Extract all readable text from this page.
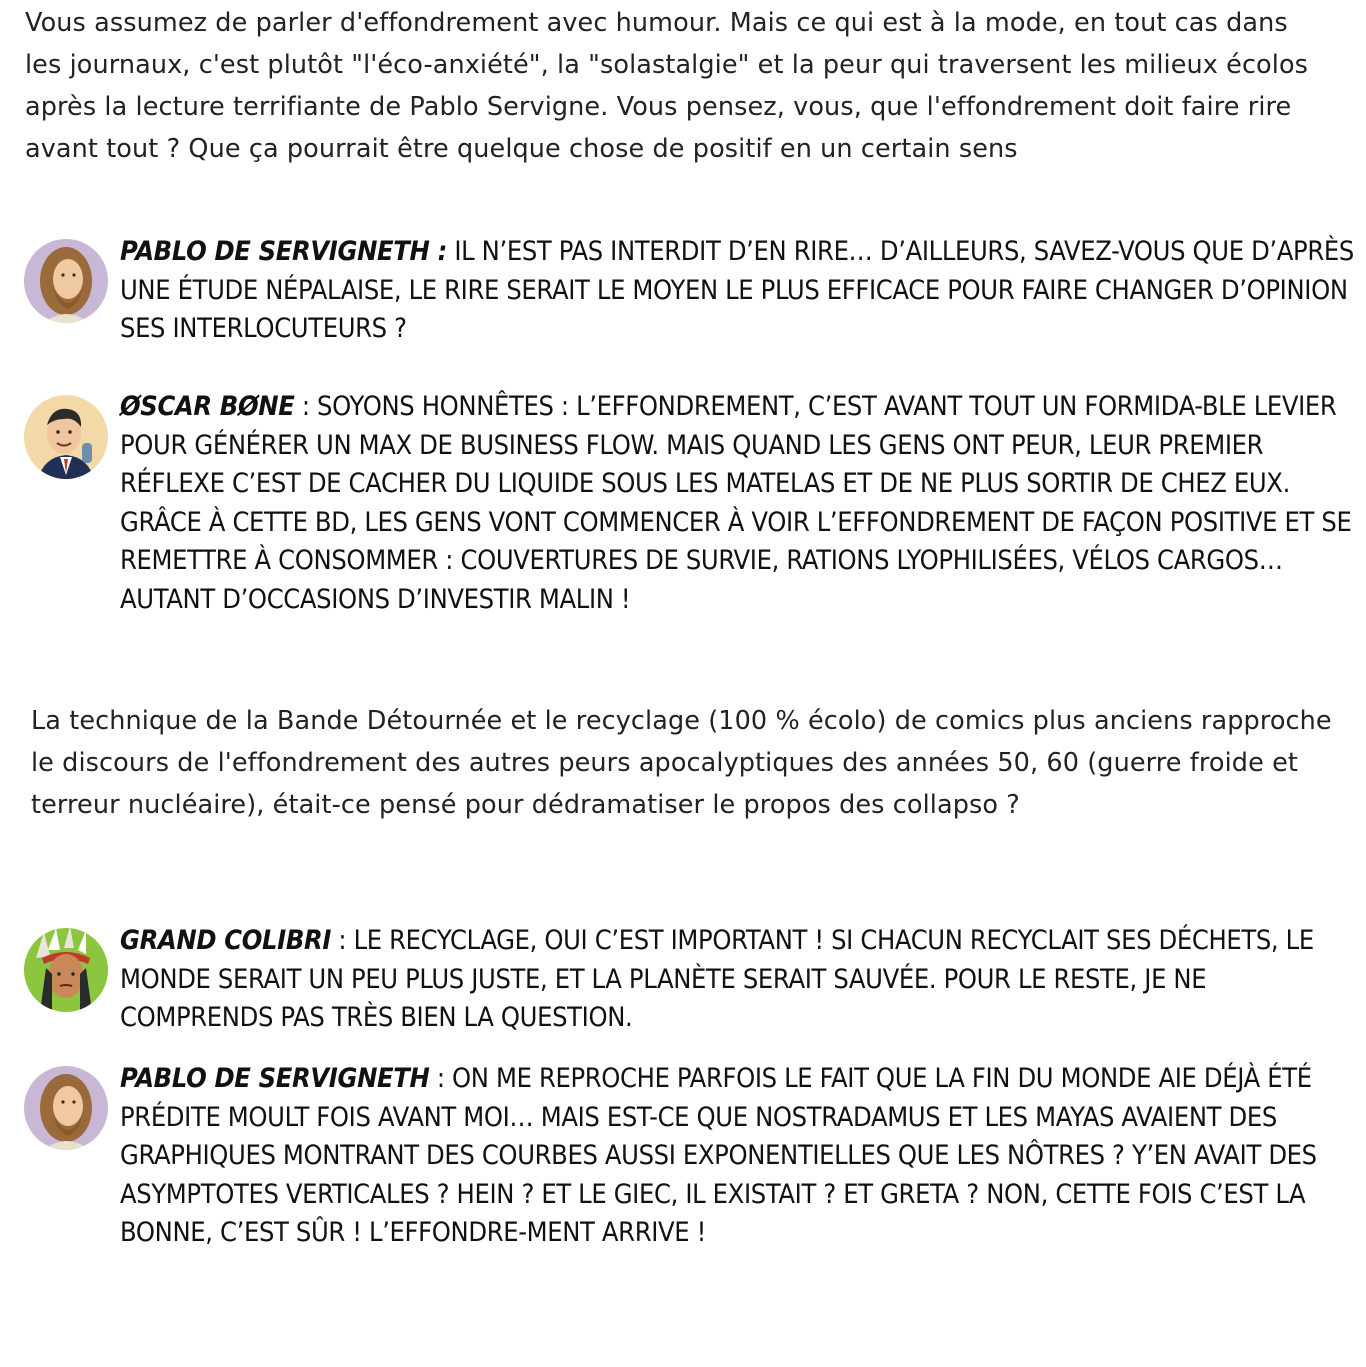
Vous assumez de parler d'effondrement avec humour. Mais ce qui est à la mode, en tout cas dans les journaux, c'est plutôt "l'éco-anxiété", la "solastalgie" et la peur qui traversent les milieux écolos après la lecture terrifiante de Pablo Servigne. Vous pensez, vous, que l'effondrement doit faire rire avant tout ? Que ça pourrait être quelque chose de positif en un certain sens

PABLO DE SERVIGNETH : IL N’EST PAS INTERDIT D’EN RIRE… D’AILLEURS, SAVEZ-VOUS QUE D’APRÈS UNE ÉTUDE NÉPALAISE, LE RIRE SERAIT LE MOYEN LE PLUS EFFICACE POUR FAIRE CHANGER D’OPINION SES INTERLOCUTEURS ?

ØSCAR BØNE : SOYONS HONNÊTES : L’EFFONDREMENT, C’EST AVANT TOUT UN FORMIDA-BLE LEVIER POUR GÉNÉRER UN MAX DE BUSINESS FLOW. MAIS QUAND LES GENS ONT PEUR, LEUR PREMIER RÉFLEXE C’EST DE CACHER DU LIQUIDE SOUS LES MATELAS ET DE NE PLUS SORTIR DE CHEZ EUX. GRÂCE À CETTE BD, LES GENS VONT COMMENCER À VOIR L’EFFONDREMENT DE FAÇON POSITIVE ET SE REMETTRE À CONSOMMER : COUVERTURES DE SURVIE, RATIONS LYOPHILISÉES, VÉLOS CARGOS… AUTANT D’OCCASIONS D’INVESTIR MALIN !

La technique de la Bande Détournée et le recyclage (100 % écolo) de comics plus anciens rapproche le discours de l'effondrement des autres peurs apocalyptiques des années 50, 60 (guerre froide et terreur nucléaire), était-ce pensé pour dédramatiser le propos des collapso ?

GRAND COLIBRI : LE RECYCLAGE, OUI C’EST IMPORTANT ! SI CHACUN RECYCLAIT SES DÉCHETS, LE MONDE SERAIT UN PEU PLUS JUSTE, ET LA PLANÈTE SERAIT SAUVÉE. POUR LE RESTE, JE NE COMPRENDS PAS TRÈS BIEN LA QUESTION.

PABLO DE SERVIGNETH : ON ME REPROCHE PARFOIS LE FAIT QUE LA FIN DU MONDE AIE DÉJÀ ÉTÉ PRÉDITE MOULT FOIS AVANT MOI… MAIS EST-CE QUE NOSTRADAMUS ET LES MAYAS AVAIENT DES GRAPHIQUES MONTRANT DES COURBES AUSSI EXPONENTIELLES QUE LES NÔTRES ? Y’EN AVAIT DES ASYMPTOTES VERTICALES ? HEIN ? ET LE GIEC, IL EXISTAIT ? ET GRETA ? NON, CETTE FOIS C’EST LA BONNE, C’EST SÛR ! L’EFFONDRE-MENT ARRIVE !
